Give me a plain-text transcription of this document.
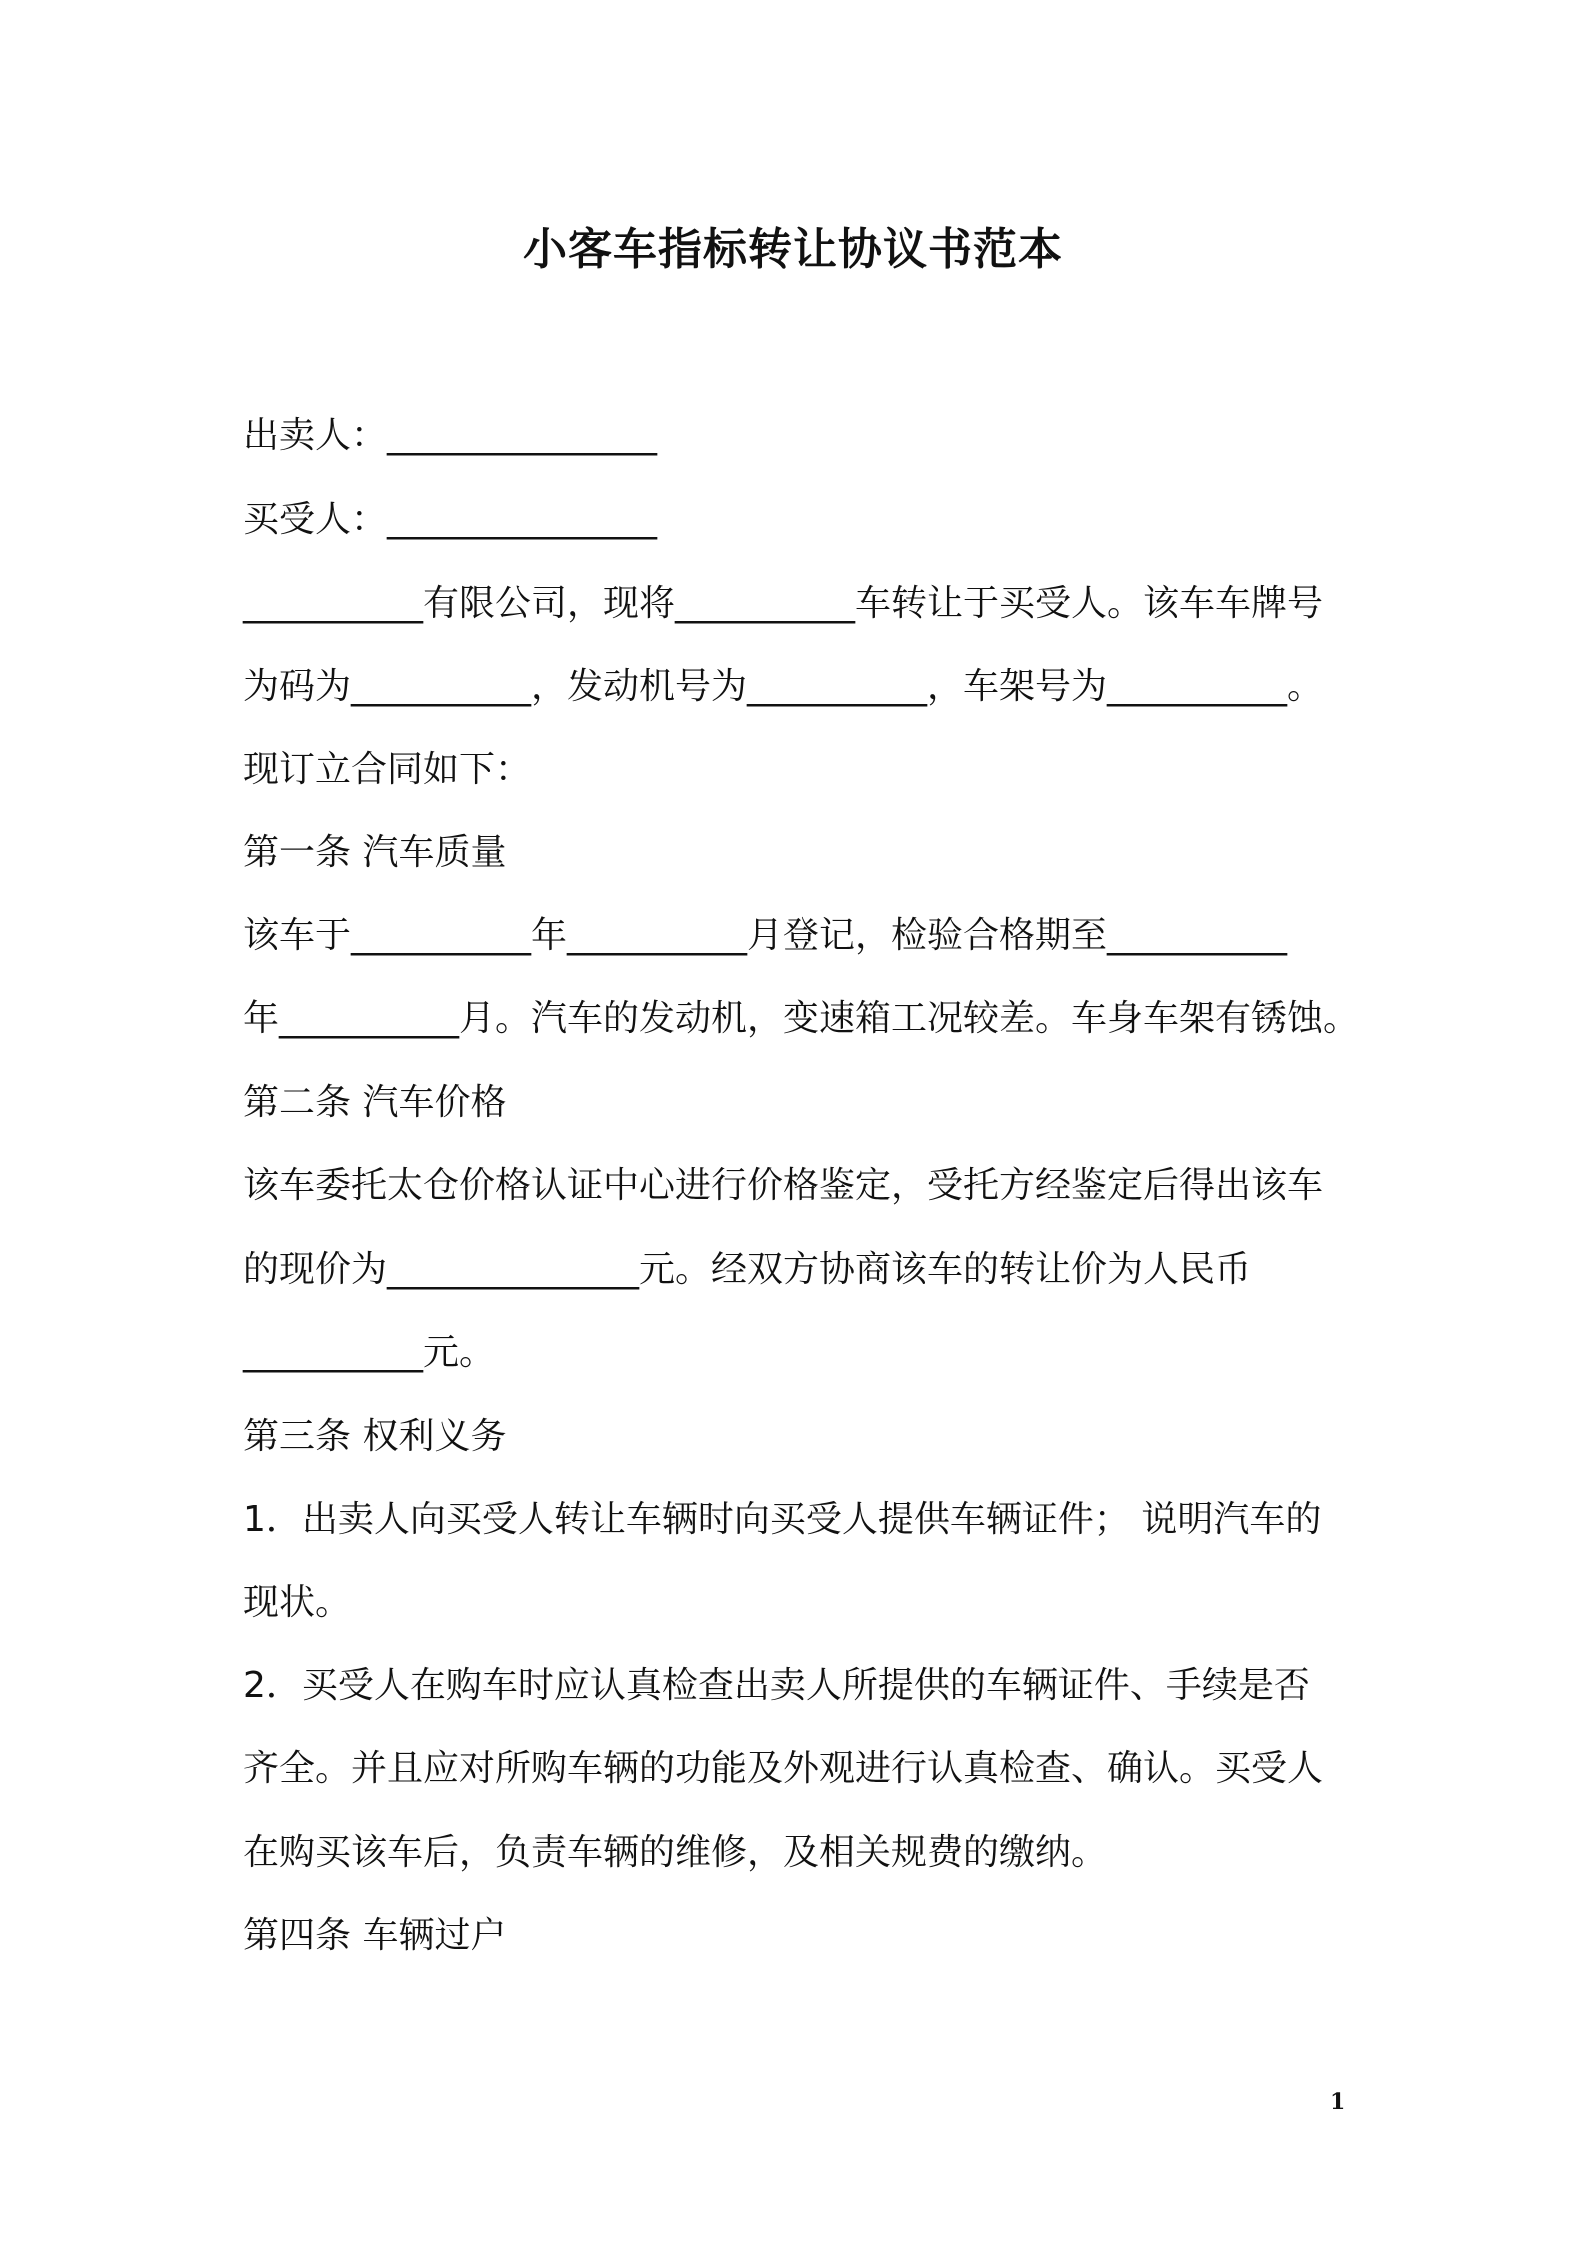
小客车指标转让协议书范本
出卖人：_______________
买受人：_______________
__________有限公司，现将__________车转让于买受人。该车车牌号
为码为__________，发动机号为__________，车架号为__________。
现订立合同如下：
第一条 汽车质量
该车于__________年__________月登记，检验合格期至__________
年__________月。汽车的发动机，变速箱工况较差。车身车架有锈蚀。
第二条 汽车价格
该车委托太仓价格认证中心进行价格鉴定，受托方经鉴定后得出该车
的现价为______________元。经双方协商该车的转让价为人民币
__________元。
第三条 权利义务
1．出卖人向买受人转让车辆时向买受人提供车辆证件； 说明汽车的
现状。
2．买受人在购车时应认真检查出卖人所提供的车辆证件、手续是否
齐全。并且应对所购车辆的功能及外观进行认真检查、确认。买受人
在购买该车后，负责车辆的维修，及相关规费的缴纳。
第四条 车辆过户
1
